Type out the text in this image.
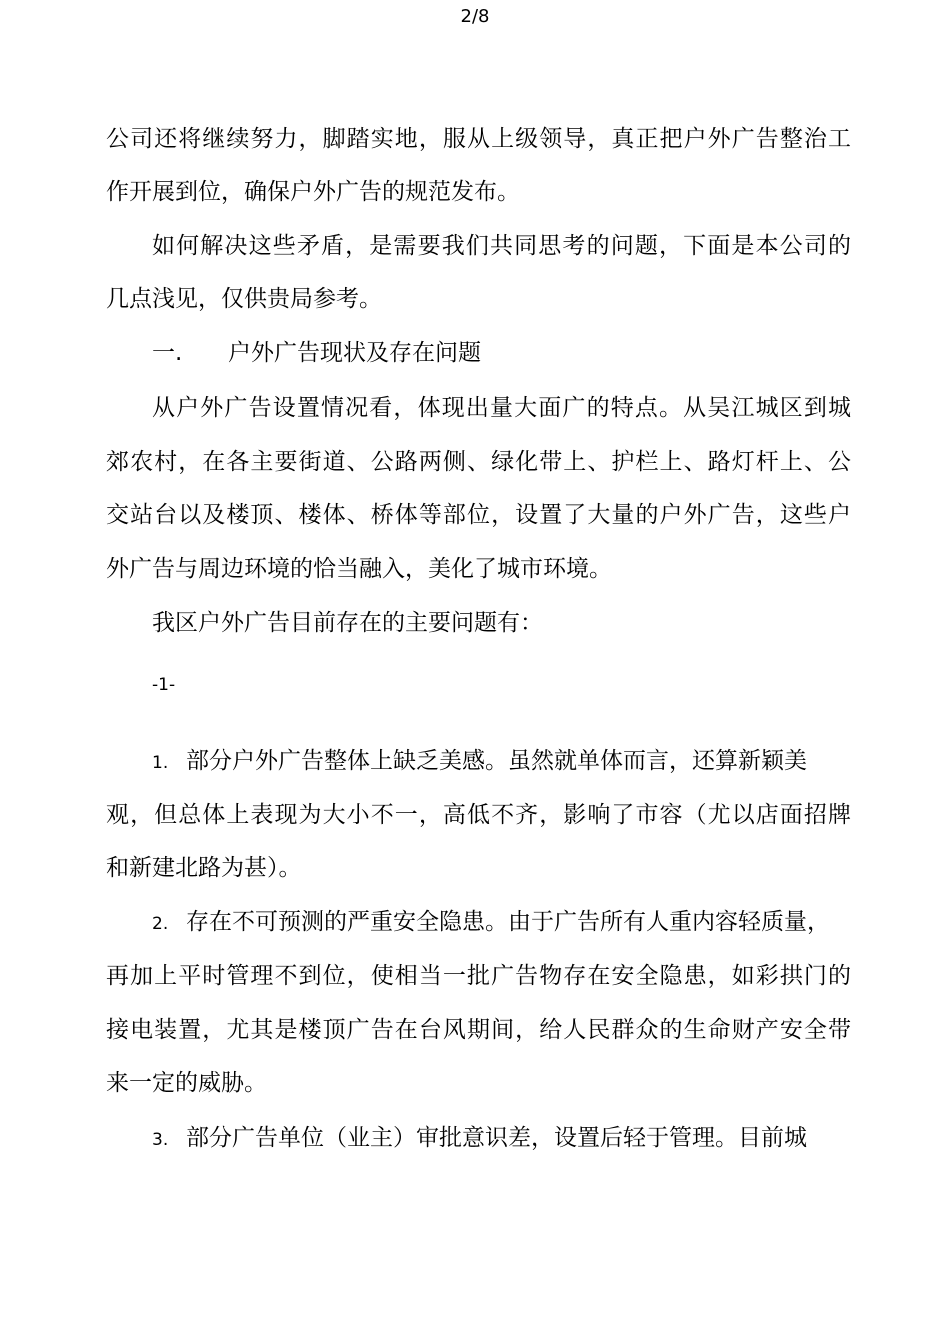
2/8
公司还将继续努力，脚踏实地，服从上级领导，真正把户外广告整治工
作开展到位，确保户外广告的规范发布。
如何解决这些矛盾，是需要我们共同思考的问题，下面是本公司的
几点浅见，仅供贵局参考。
一. 户外广告现状及存在问题
从户外广告设置情况看，体现出量大面广的特点。从吴江城区到城
郊农村，在各主要街道、公路两侧、绿化带上、护栏上、路灯杆上、公
交站台以及楼顶、楼体、桥体等部位，设置了大量的户外广告，这些户
外广告与周边环境的恰当融入，美化了城市环境。
我区户外广告目前存在的主要问题有：
-1-
1. 部分户外广告整体上缺乏美感。虽然就单体而言，还算新颖美
观，但总体上表现为大小不一，高低不齐，影响了市容（尤以店面招牌
和新建北路为甚）。
2. 存在不可预测的严重安全隐患。由于广告所有人重内容轻质量，
再加上平时管理不到位，使相当一批广告物存在安全隐患，如彩拱门的
接电装置，尤其是楼顶广告在台风期间，给人民群众的生命财产安全带
来一定的威胁。
3. 部分广告单位（业主）审批意识差，设置后轻于管理。目前城
